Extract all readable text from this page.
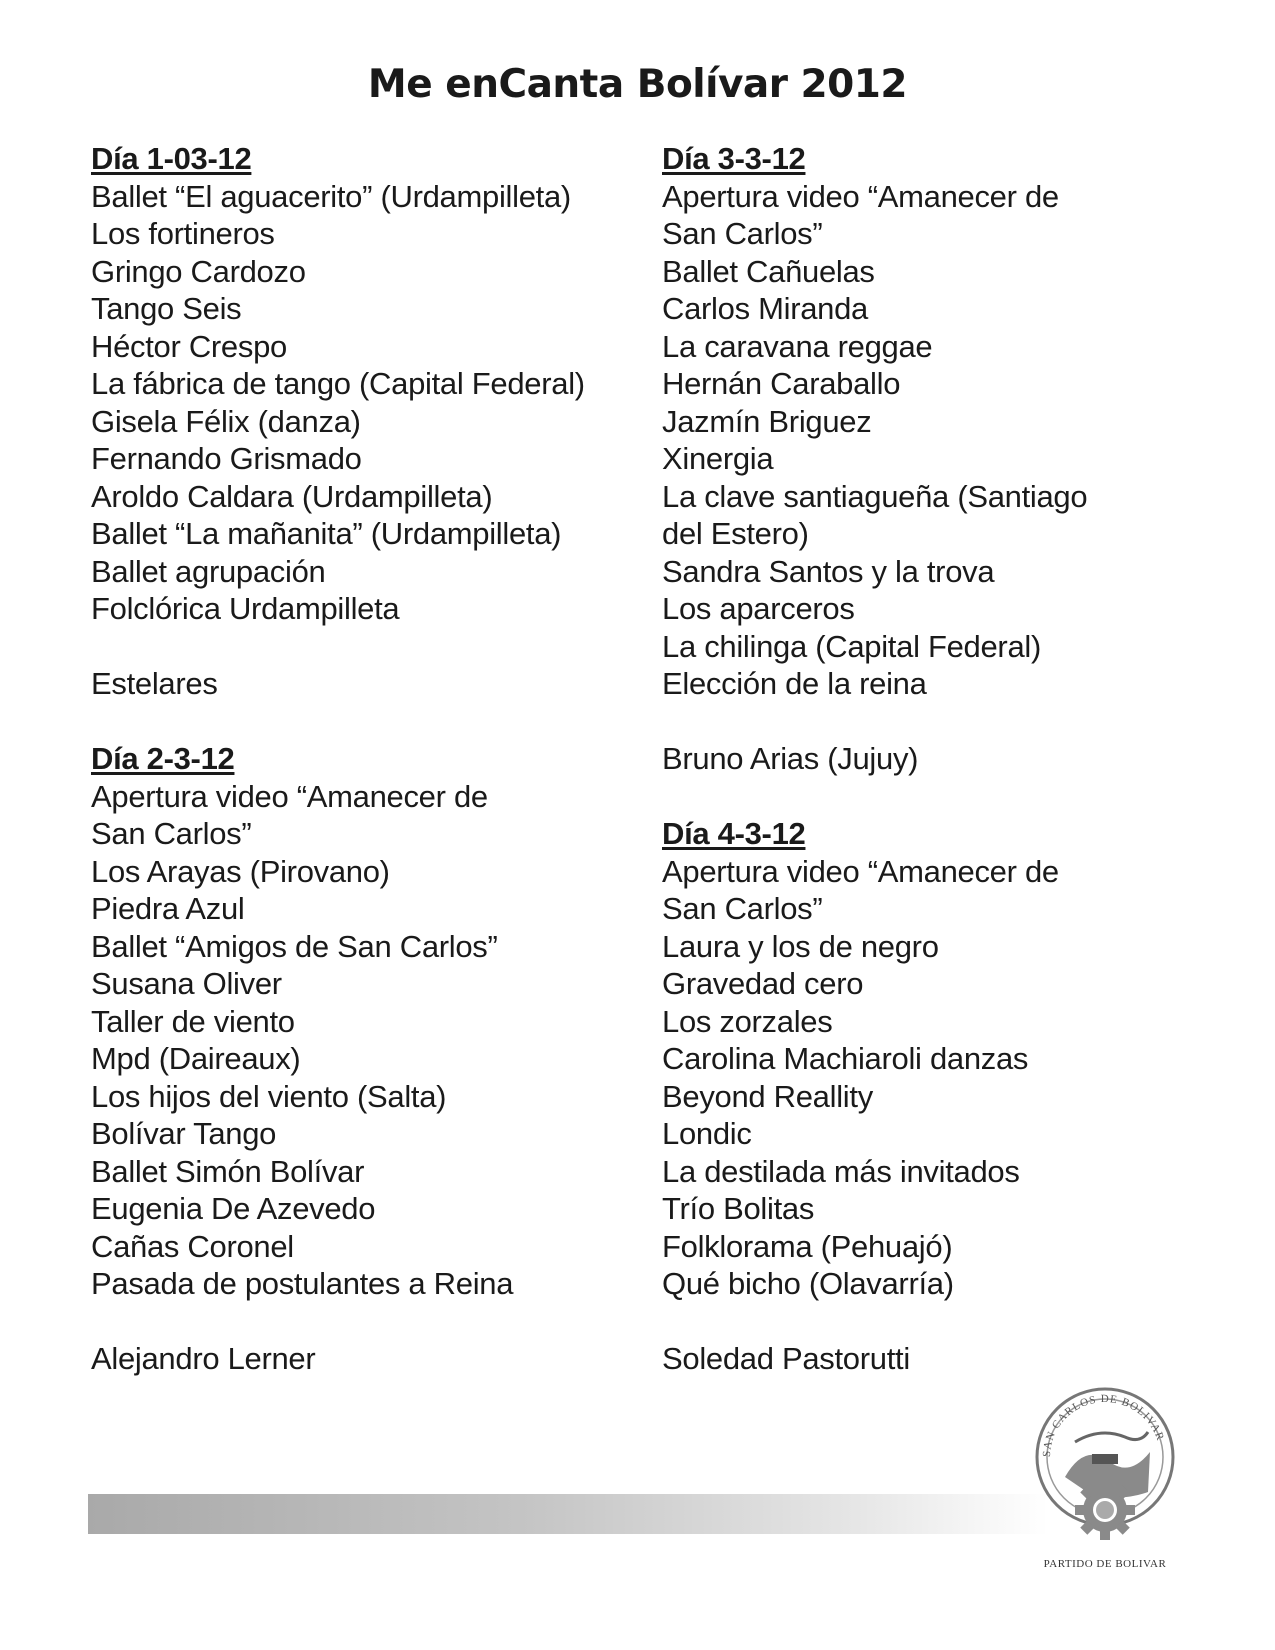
Me enCanta Bolívar 2012
Día 1-03-12
Ballet “El aguacerito” (Urdampilleta)
Los fortineros
Gringo Cardozo
Tango Seis
Héctor Crespo
La fábrica de tango (Capital Federal)
Gisela Félix (danza)
Fernando Grismado
Aroldo Caldara (Urdampilleta)
Ballet “La mañanita” (Urdampilleta)
Ballet agrupación Folclórica Urdampilleta
Estelares
Día 2-3-12
Apertura video “Amanecer de San Carlos”
Los Arayas (Pirovano)
Piedra Azul
Ballet “Amigos de San Carlos”
Susana Oliver
Taller de viento
Mpd (Daireaux)
Los hijos del viento (Salta)
Bolívar Tango
Ballet Simón Bolívar
Eugenia De Azevedo
Cañas Coronel
Pasada de postulantes a Reina
Alejandro Lerner
Día 3-3-12
Apertura video “Amanecer de San Carlos”
Ballet Cañuelas
Carlos Miranda
La caravana reggae
Hernán Caraballo
Jazmín Briguez
Xinergia
La clave santiagueña (Santiago del Estero)
Sandra Santos y la trova
Los aparceros
La chilinga (Capital Federal)
Elección de la reina
Bruno Arias (Jujuy)
Día 4-3-12
Apertura video “Amanecer de San Carlos”
Laura y los de negro
Gravedad cero
Los zorzales
Carolina Machiaroli danzas
Beyond Reallity
Londic
La destilada más invitados
Trío Bolitas
Folklorama (Pehuajó)
Qué bicho (Olavarría)
Soledad Pastorutti
SAN CARLOS DE BOLIVAR
PARTIDO DE BOLIVAR
